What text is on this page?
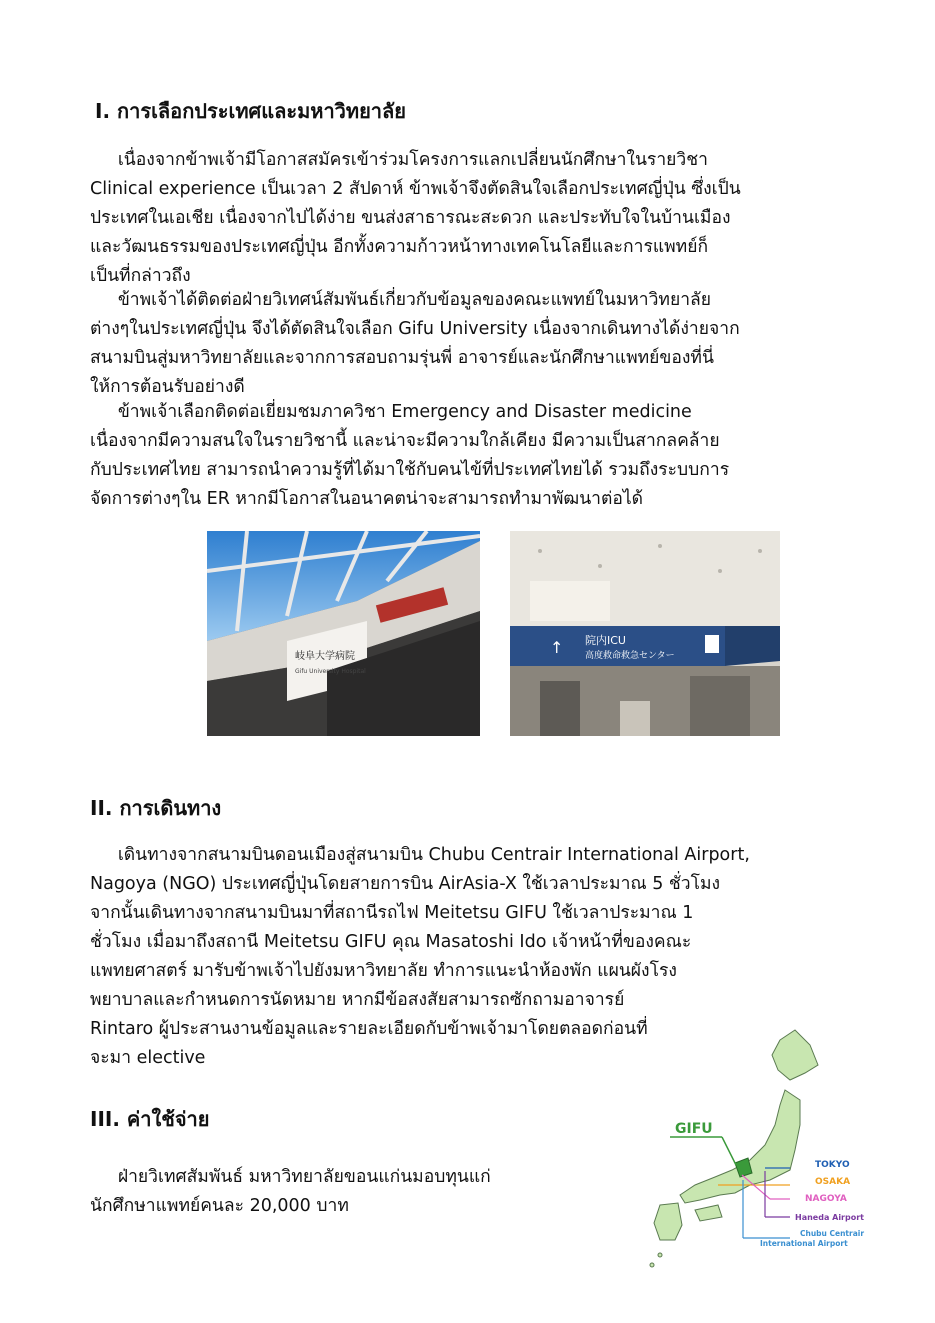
I. การเลือกประเทศและมหาวิทยาลัย

เนื่องจากข้าพเจ้ามีโอกาสสมัครเข้าร่วมโครงการแลกเปลี่ยนนักศึกษาในรายวิชา
Clinical experience เป็นเวลา 2 สัปดาห์ ข้าพเจ้าจึงตัดสินใจเลือกประเทศญี่ปุ่น ซึ่งเป็น
ประเทศในเอเชีย เนื่องจากไปได้ง่าย ขนส่งสาธารณะสะดวก และประทับใจในบ้านเมือง
และวัฒนธรรมของประเทศญี่ปุ่น อีกทั้งความก้าวหน้าทางเทคโนโลยีและการแพทย์ก็
เป็นที่กล่าวถึง

ข้าพเจ้าได้ติดต่อฝ่ายวิเทศน์สัมพันธ์เกี่ยวกับข้อมูลของคณะแพทย์ในมหาวิทยาลัย
ต่างๆในประเทศญี่ปุ่น จึงได้ตัดสินใจเลือก Gifu University เนื่องจากเดินทางได้ง่ายจาก
สนามบินสู่มหาวิทยาลัยและจากการสอบถามรุ่นพี่ อาจารย์และนักศึกษาแพทย์ของที่นี่
ให้การต้อนรับอย่างดี

ข้าพเจ้าเลือกติดต่อเยี่ยมชมภาควิชา Emergency and Disaster medicine
เนื่องจากมีความสนใจในรายวิชานี้ และน่าจะมีความใกล้เคียง มีความเป็นสากลคล้าย
กับประเทศไทย สามารถนำความรู้ที่ได้มาใช้กับคนไข้ที่ประเทศไทยได้ รวมถึงระบบการ
จัดการต่างๆใน ER หากมีโอกาสในอนาคตน่าจะสามารถทำมาพัฒนาต่อได้

岐阜大学病院
Gifu University Hospital
↑ 院内ICU
高度救命救急センター
II. การเดินทาง

เดินทางจากสนามบินดอนเมืองสู่สนามบิน Chubu Centrair International Airport,
Nagoya (NGO) ประเทศญี่ปุ่นโดยสายการบิน AirAsia-X ใช้เวลาประมาณ 5 ชั่วโมง
จากนั้นเดินทางจากสนามบินมาที่สถานีรถไฟ Meitetsu GIFU ใช้เวลาประมาณ 1
ชั่วโมง เมื่อมาถึงสถานี Meitetsu GIFU คุณ Masatoshi Ido เจ้าหน้าที่ของคณะ
แพทยศาสตร์ มารับข้าพเจ้าไปยังมหาวิทยาลัย ทำการแนะนำห้องพัก แผนผังโรง
พยาบาลและกำหนดการนัดหมาย หากมีข้อสงสัยสามารถซักถามอาจารย์
Rintaro ผู้ประสานงานข้อมูลและรายละเอียดกับข้าพเจ้ามาโดยตลอดก่อนที่
จะมา elective

III. ค่าใช้จ่าย

ฝ่ายวิเทศสัมพันธ์ มหาวิทยาลัยขอนแก่นมอบทุนแก่
นักศึกษาแพทย์คนละ 20,000 บาท

GIFU
TOKYO
OSAKA
NAGOYA
Haneda Airport
Chubu Centrair
International Airport
